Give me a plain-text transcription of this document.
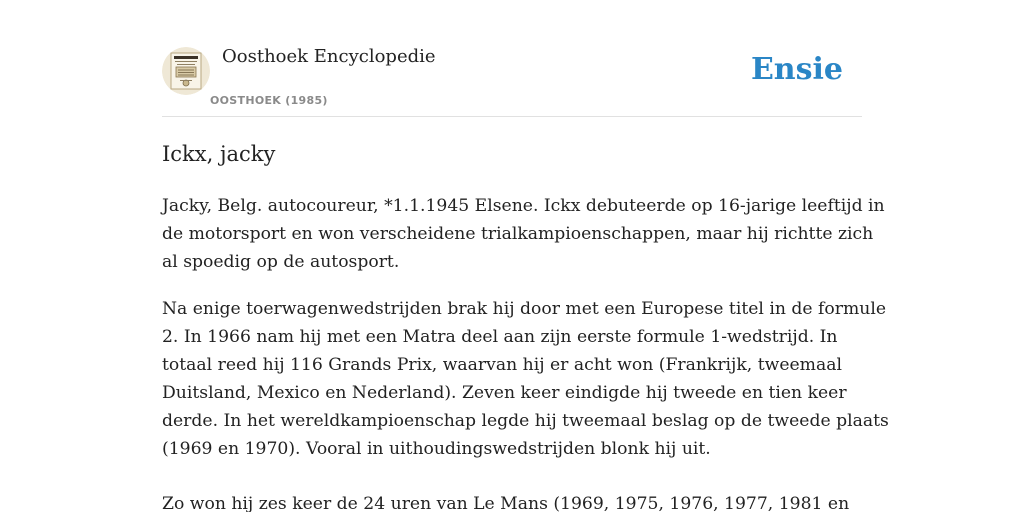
Oosthoek Encyclopedie
OOSTHOEK (1985)
Ensie
Ickx, jacky

Jacky, Belg. autocoureur, *1.1.1945 Elsene. Ickx debuteerde op 16-jarige leeftijd in
de motorsport en won verscheidene trialkampioenschappen, maar hij richtte zich
al spoedig op de autosport.

Na enige toerwagenwedstrijden brak hij door met een Europese titel in de formule
2. In 1966 nam hij met een Matra deel aan zijn eerste formule 1-wedstrijd. In
totaal reed hij 116 Grands Prix, waarvan hij er acht won (Frankrijk, tweemaal
Duitsland, Mexico en Nederland). Zeven keer eindigde hij tweede en tien keer
derde. In het wereldkampioenschap legde hij tweemaal beslag op de tweede plaats
(1969 en 1970). Vooral in uithoudingswedstrijden blonk hij uit.

Zo won hij zes keer de 24 uren van Le Mans (1969, 1975, 1976, 1977, 1981 en
